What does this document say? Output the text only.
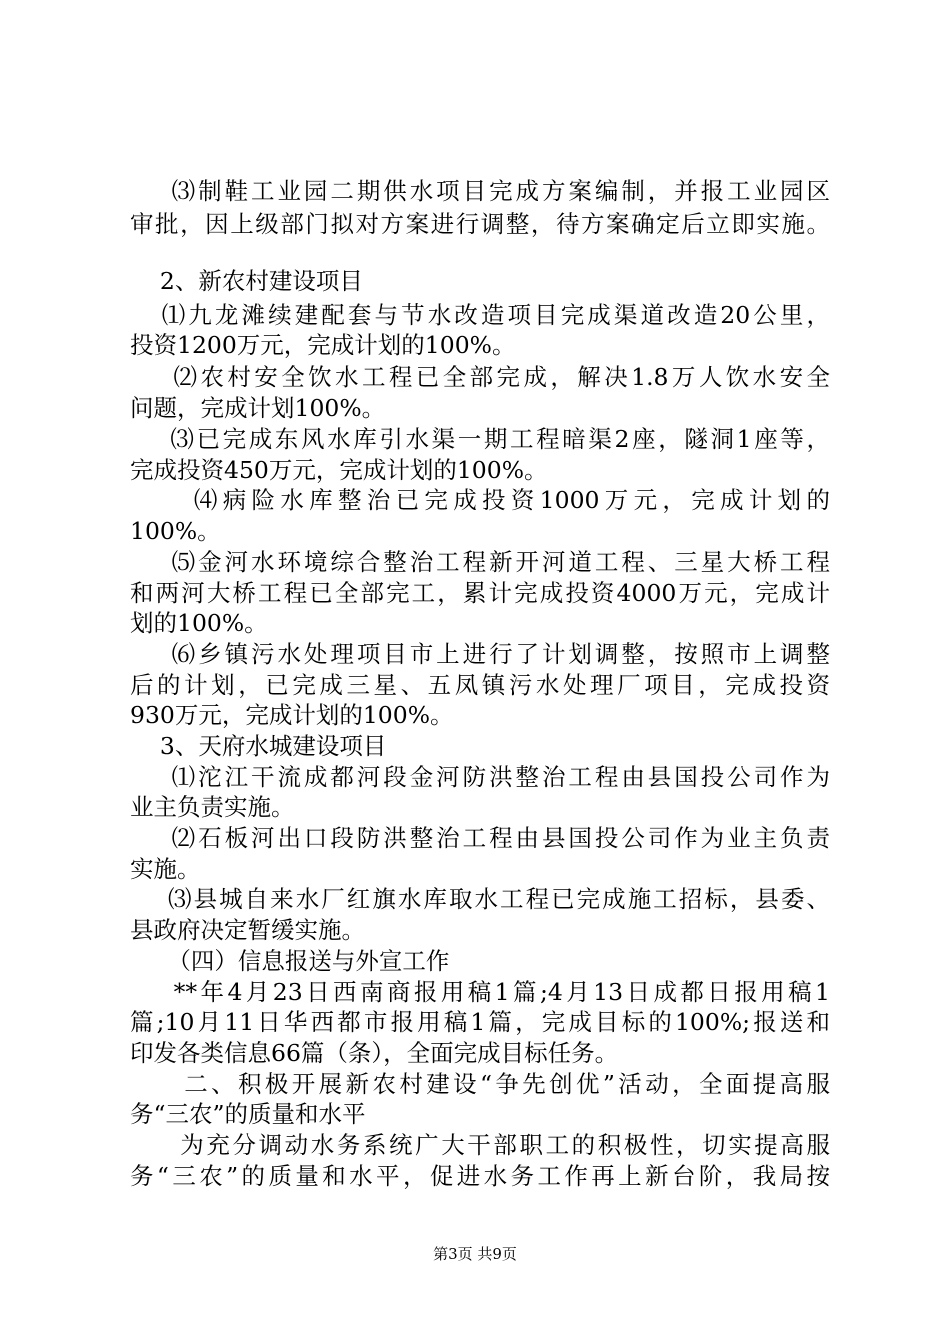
⑶制鞋工业园二期供水项目完成方案编制，并报工业园区
审批，因上级部门拟对方案进行调整，待方案确定后立即实施。
2、新农村建设项目
⑴九龙滩续建配套与节水改造项目完成渠道改造20公里，
投资1200万元，完成计划的100%。
⑵农村安全饮水工程已全部完成，解决1.8万人饮水安全
问题，完成计划100%。
⑶已完成东风水库引水渠一期工程暗渠2座，隧洞1座等，
完成投资450万元，完成计划的100%。
⑷病险水库整治已完成投资1000万元，完成计划的
100%。
⑸金河水环境综合整治工程新开河道工程、三星大桥工程
和两河大桥工程已全部完工，累计完成投资4000万元，完成计
划的100%。
⑹乡镇污水处理项目市上进行了计划调整，按照市上调整
后的计划，已完成三星、五凤镇污水处理厂项目，完成投资
930万元，完成计划的100%。
3、天府水城建设项目
⑴沱江干流成都河段金河防洪整治工程由县国投公司作为
业主负责实施。
⑵石板河出口段防洪整治工程由县国投公司作为业主负责
实施。
⑶县城自来水厂红旗水库取水工程已完成施工招标，县委、
县政府决定暂缓实施。
（四）信息报送与外宣工作
**年4月23日西南商报用稿1篇;4月13日成都日报用稿1
篇;10月11日华西都市报用稿1篇，完成目标的100%;报送和
印发各类信息66篇（条），全面完成目标任务。
二、积极开展新农村建设“争先创优”活动，全面提高服
务“三农”的质量和水平
为充分调动水务系统广大干部职工的积极性，切实提高服
务“三农”的质量和水平，促进水务工作再上新台阶，我局按
第3页 共9页
